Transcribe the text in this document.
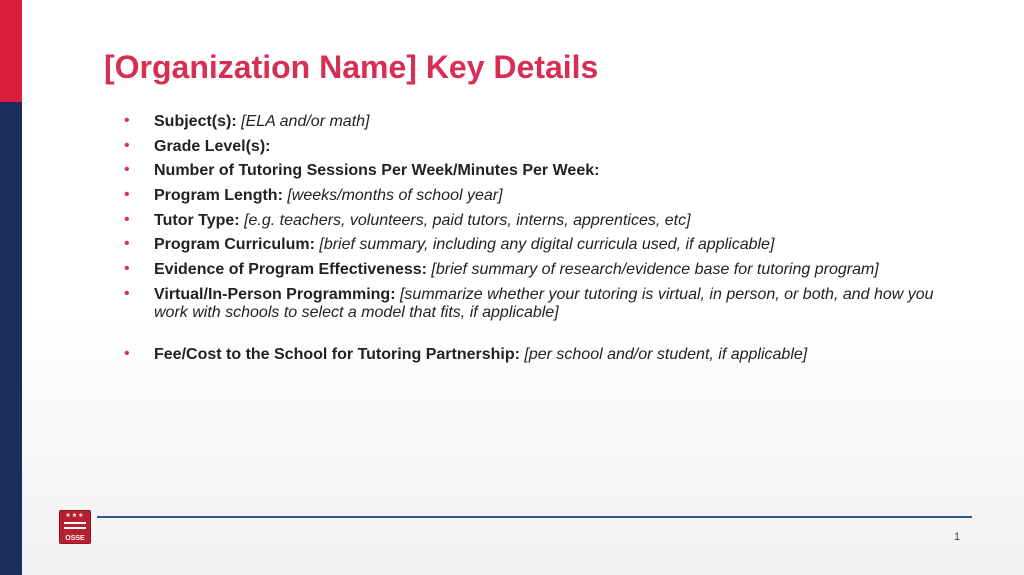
[Organization Name] Key Details
• Subject(s): [ELA and/or math]
• Grade Level(s):
• Number of Tutoring Sessions Per Week/Minutes Per Week:
• Program Length: [weeks/months of school year]
• Tutor Type: [e.g. teachers, volunteers, paid tutors, interns, apprentices, etc]
• Program Curriculum: [brief summary, including any digital curricula used, if applicable]
• Evidence of Program Effectiveness: [brief summary of research/evidence base for tutoring program]
• Virtual/In-Person Programming: [summarize whether your tutoring is virtual, in person, or both, and how you work with schools to select a model that fits, if applicable]
• Fee/Cost to the School for Tutoring Partnership: [per school and/or student, if applicable]
★★★
OSSE	1
